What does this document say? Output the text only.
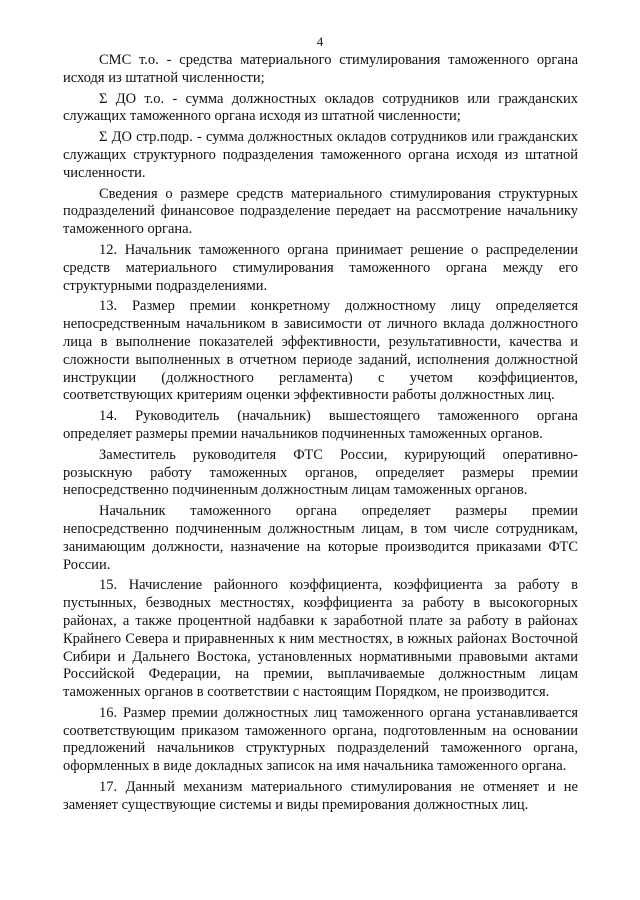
4

СМС т.о. - средства материального стимулирования таможенного органа исходя из штатной численности;

Σ ДО т.о. - сумма должностных окладов сотрудников или гражданских служащих таможенного органа исходя из штатной численности;

Σ ДО стр.подр. - сумма должностных окладов сотрудников или гражданских служащих структурного подразделения таможенного органа исходя из штатной численности.

Сведения о размере средств материального стимулирования структурных подразделений финансовое подразделение передает на рассмотрение начальнику таможенного органа.

12. Начальник таможенного органа принимает решение о распределении средств материального стимулирования таможенного органа между его структурными подразделениями.

13. Размер премии конкретному должностному лицу определяется непосредственным начальником в зависимости от личного вклада должностного лица в выполнение показателей эффективности, результативности, качества и сложности выполненных в отчетном периоде заданий, исполнения должностной инструкции (должностного регламента) с учетом коэффициентов, соответствующих критериям оценки эффективности работы должностных лиц.

14. Руководитель (начальник) вышестоящего таможенного органа определяет размеры премии начальников подчиненных таможенных органов.

Заместитель руководителя ФТС России, курирующий оперативно-розыскную работу таможенных органов, определяет размеры премии непосредственно подчиненным должностным лицам таможенных органов.

Начальник таможенного органа определяет размеры премии непосредственно подчиненным должностным лицам, в том числе сотрудникам, занимающим должности, назначение на которые производится приказами ФТС России.

15. Начисление районного коэффициента, коэффициента за работу в пустынных, безводных местностях, коэффициента за работу в высокогорных районах, а также процентной надбавки к заработной плате за работу в районах Крайнего Севера и приравненных к ним местностях, в южных районах Восточной Сибири и Дальнего Востока, установленных нормативными правовыми актами Российской Федерации, на премии, выплачиваемые должностным лицам таможенных органов в соответствии с настоящим Порядком, не производится.

16. Размер премии должностных лиц таможенного органа устанавливается соответствующим приказом таможенного органа, подготовленным на основании предложений начальников структурных подразделений таможенного органа, оформленных в виде докладных записок на имя начальника таможенного органа.

17. Данный механизм материального стимулирования не отменяет и не заменяет существующие системы и виды премирования должностных лиц.
